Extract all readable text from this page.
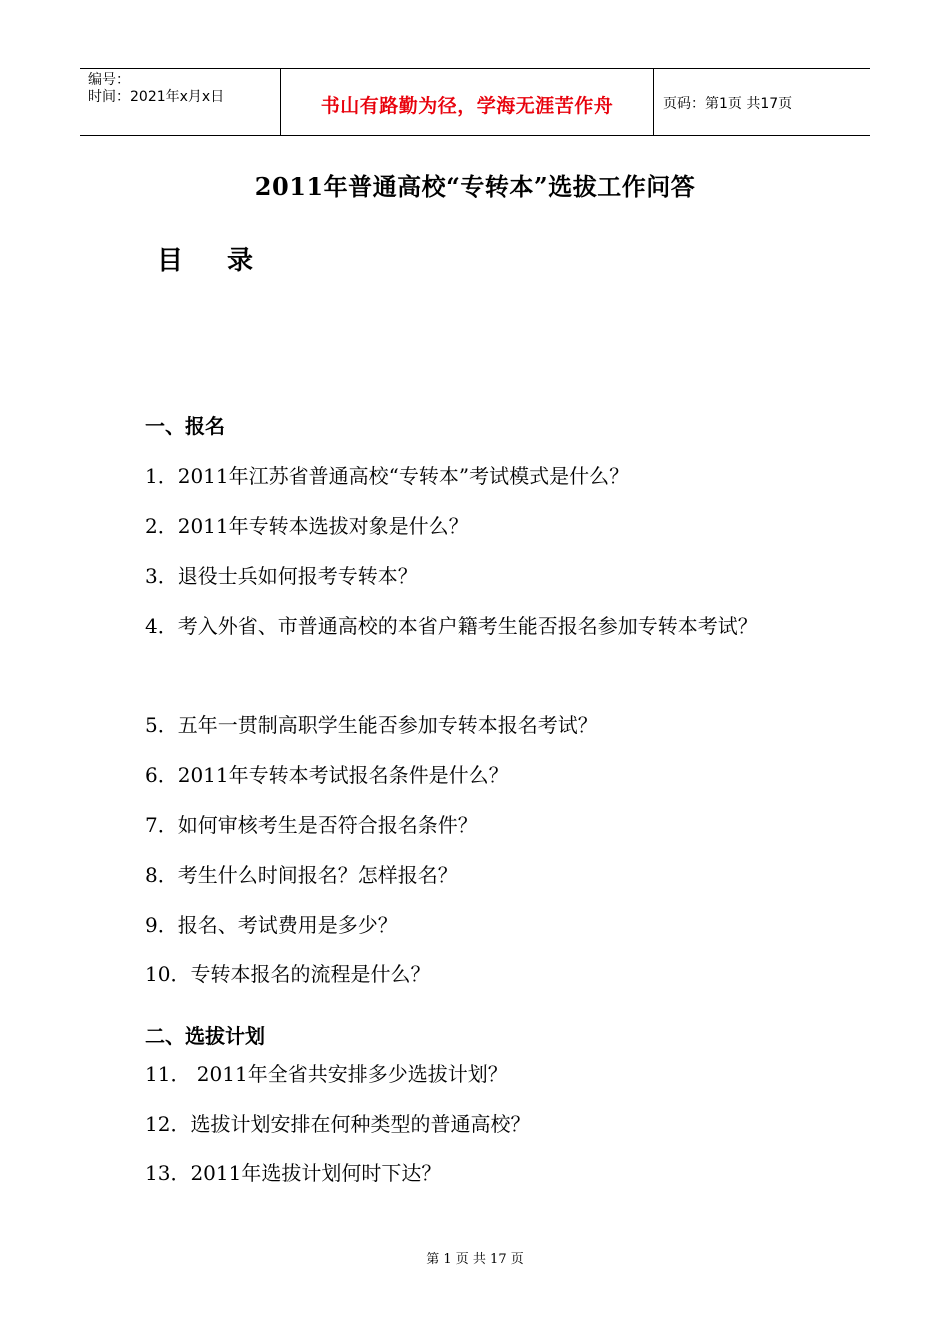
编号：
时间：2021年x月x日	书山有路勤为径，学海无涯苦作舟	页码：第1页 共17页
2011年普通高校“专转本”选拔工作问答
目 录
一、报名
1．2011年江苏省普通高校“专转本”考试模式是什么？
2．2011年专转本选拔对象是什么？
3．退役士兵如何报考专转本？
4．考入外省、市普通高校的本省户籍考生能否报名参加专转本考试？
5．五年一贯制高职学生能否参加专转本报名考试？
6．2011年专转本考试报名条件是什么？
7．如何审核考生是否符合报名条件？
8．考生什么时间报名？怎样报名？
9．报名、考试费用是多少？
10．专转本报名的流程是什么？
二、选拔计划
11． 2011年全省共安排多少选拔计划？
12．选拔计划安排在何种类型的普通高校？
13．2011年选拔计划何时下达？
第 1 页 共 17 页
